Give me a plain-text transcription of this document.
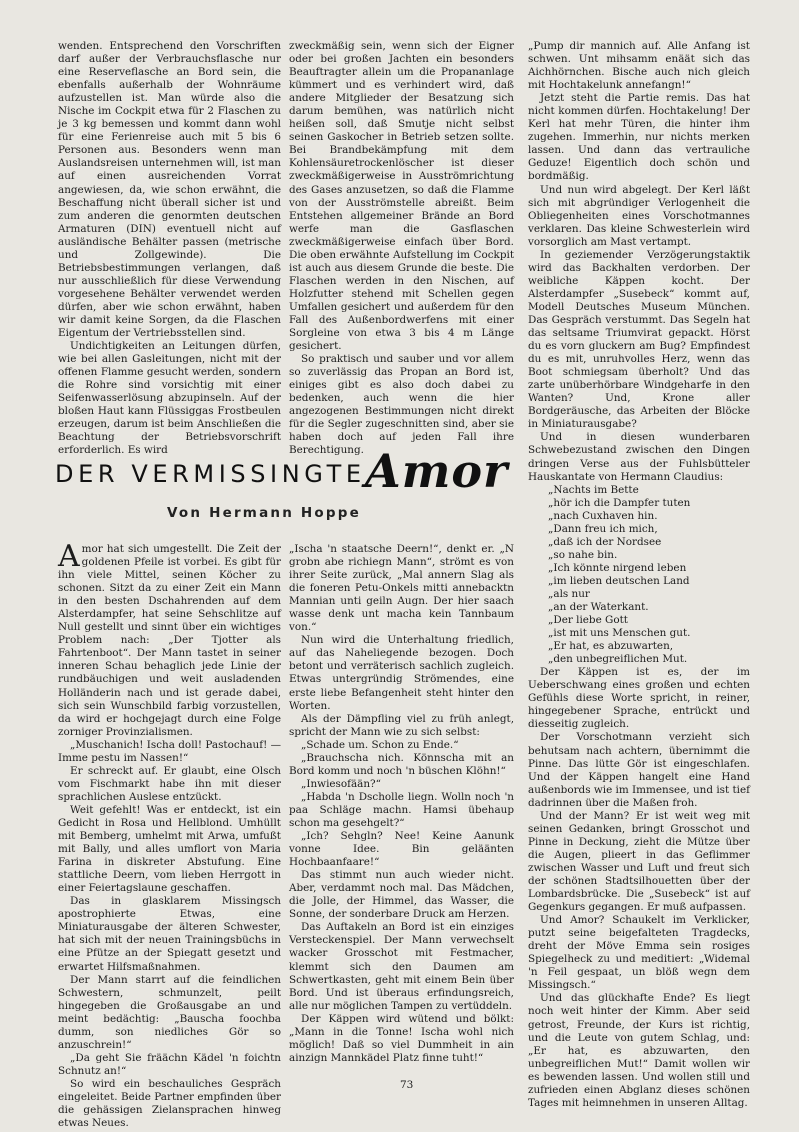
wenden. Entsprechend den Vorschriften darf außer der Verbrauchsflasche nur eine Reserveflasche an Bord sein, die ebenfalls außerhalb der Wohnräume aufzustellen ist. Man würde also die Nische im Cockpit etwa für 2 Flaschen zu je 3 kg bemessen und kommt dann wohl für eine Ferienreise auch mit 5 bis 6 Personen aus. Besonders wenn man Auslandsreisen unternehmen will, ist man auf einen ausreichenden Vorrat angewiesen, da, wie schon erwähnt, die Beschaffung nicht überall sicher ist und zum anderen die genormten deutschen Armaturen (DIN) eventuell nicht auf ausländische Behälter passen (metrische und Zollgewinde). Die Betriebsbestimmungen verlangen, daß nur ausschließlich für diese Verwendung vorgesehene Behälter verwendet werden dürfen, aber wie schon erwähnt, haben wir damit keine Sorgen, da die Flaschen Eigentum der Vertriebsstellen sind.

Undichtigkeiten an Leitungen dürfen, wie bei allen Gasleitungen, nicht mit der offenen Flamme gesucht werden, sondern die Rohre sind vorsichtig mit einer Seifenwasserlösung abzupinseln. Auf der bloßen Haut kann Flüssiggas Frostbeulen erzeugen, darum ist beim Anschließen die Beachtung der Betriebsvorschrift erforderlich. Es wird

zweckmäßig sein, wenn sich der Eigner oder bei großen Jachten ein besonders Beauftragter allein um die Propananlage kümmert und es verhindert wird, daß andere Mitglieder der Besatzung sich darum bemühen, was natürlich nicht heißen soll, daß Smutje nicht selbst seinen Gaskocher in Betrieb setzen sollte. Bei Brandbekämpfung mit dem Kohlensäuretrockenlöscher ist dieser zweckmäßigerweise in Ausströmrichtung des Gases anzusetzen, so daß die Flamme von der Ausströmstelle abreißt. Beim Entstehen allgemeiner Brände an Bord werfe man die Gasflaschen zweckmäßigerweise einfach über Bord. Die oben erwähnte Aufstellung im Cockpit ist auch aus diesem Grunde die beste. Die Flaschen werden in den Nischen, auf Holzfutter stehend mit Schellen gegen Umfallen gesichert und außerdem für den Fall des Außenbordwerfens mit einer Sorgleine von etwa 3 bis 4 m Länge gesichert.

So praktisch und sauber und vor allem so zuverlässig das Propan an Bord ist, einiges gibt es also doch dabei zu bedenken, auch wenn die hier angezogenen Bestimmungen nicht direkt für die Segler zugeschnitten sind, aber sie haben doch auf jeden Fall ihre Berechtigung.

„Pump dir mannich auf. Alle Anfang ist schwen. Unt mihsamm enäät sich das Aichhörnchen. Bische auch nich gleich mit Hochtakelunk annefangn!“

Jetzt steht die Partie remis. Das hat nicht kommen dürfen. Hochtakelung! Der Kerl hat mehr Türen, die hinter ihm zugehen. Immerhin, nur nichts merken lassen. Und dann das vertrauliche Geduze! Eigentlich doch schön und bordmäßig.

Und nun wird abgelegt. Der Kerl läßt sich mit abgründiger Verlogenheit die Obliegenheiten eines Vorschotmannes verklaren. Das kleine Schwesterlein wird vorsorglich am Mast vertampt.

In geziemender Verzögerungstaktik wird das Backhalten verdorben. Der weibliche Käppen kocht. Der Alsterdampfer „Susebeck“ kommt auf, Modell Deutsches Museum München. Das Gespräch verstummt. Das Segeln hat das seltsame Triumvirat gepackt. Hörst du es vorn gluckern am Bug? Empfindest du es mit, unruhvolles Herz, wenn das Boot schmiegsam überholt? Und das zarte unüberhörbare Windgeharfe in den Wanten? Und, Krone aller Bordgeräusche, das Arbeiten der Blöcke in Miniaturausgabe?

Und in diesen wunderbaren Schwebezustand zwischen den Dingen dringen Verse aus der Fuhlsbütteler Hauskantate von Hermann Claudius:

„Nachts im Bette

„hör ich die Dampfer tuten

„nach Cuxhaven hin.

„Dann freu ich mich,

„daß ich der Nordsee

„so nahe bin.

„Ich könnte nirgend leben

„im lieben deutschen Land

„als nur

„an der Waterkant.

„Der liebe Gott

„ist mit uns Menschen gut.

„Er hat, es abzuwarten,

„den unbegreiflichen Mut.

Der Käppen ist es, der im Ueberschwang eines großen und echten Gefühls diese Worte spricht, in reiner, hingegebener Sprache, entrückt und diesseitig zugleich.

Der Vorschotmann verzieht sich behutsam nach achtern, übernimmt die Pinne. Das lütte Gör ist eingeschlafen. Und der Käppen hangelt eine Hand außenbords wie im Immensee, und ist tief dadrinnen über die Maßen froh.

Und der Mann? Er ist weit weg mit seinen Gedanken, bringt Grosschot und Pinne in Deckung, zieht die Mütze über die Augen, plieert in das Geflimmer zwischen Wasser und Luft und freut sich der schönen Stadtsilhouetten über der Lombardsbrücke. Die „Susebeck“ ist auf Gegenkurs gegangen. Er muß aufpassen.

Und Amor? Schaukelt im Verklicker, putzt seine beigefalteten Tragdecks, dreht der Möve Emma sein rosiges Spiegelheck zu und meditiert: „Widemal 'n Feil gespaat, un blöß wegn dem Missingsch.“

Und das glückhafte Ende? Es liegt noch weit hinter der Kimm. Aber seid getrost, Freunde, der Kurs ist richtig, und die Leute von gutem Schlag, und: „Er hat, es abzuwarten, den unbegreiflichen Mut!“ Damit wollen wir es bewenden lassen. Und wollen still und zufrieden einen Abglanz dieses schönen Tages mit heimnehmen in unseren Alltag.

DER VERMISSINGTE Amor
Von Hermann Hoppe

Amor hat sich umgestellt. Die Zeit der goldenen Pfeile ist vorbei. Es gibt für ihn viele Mittel, seinen Köcher zu schonen. Sitzt da zu einer Zeit ein Mann in den besten Dschahrenden auf dem Alsterdampfer, hat seine Sehschlitze auf Null gestellt und sinnt über ein wichtiges Problem nach: „Der Tjotter als Fahrtenboot“. Der Mann tastet in seiner inneren Schau behaglich jede Linie der rundbäuchigen und weit ausladenden Holländerin nach und ist gerade dabei, sich sein Wunschbild farbig vorzustellen, da wird er hochgejagt durch eine Folge zorniger Provinzialismen.

„Muschanich! Ischa doll! Pastochauf! — Imme pestu im Nassen!“

Er schreckt auf. Er glaubt, eine Olsch vom Fischmarkt habe ihn mit dieser sprachlichen Auslese entzückt.

Weit gefehlt! Was er entdeckt, ist ein Gedicht in Rosa und Hellblond. Umhüllt mit Bemberg, umhelmt mit Arwa, umfußt mit Bally, und alles umflort von Maria Farina in diskreter Abstufung. Eine stattliche Deern, vom lieben Herrgott in einer Feiertagslaune geschaffen.

Das in glasklarem Missingsch apostrophierte Etwas, eine Miniaturausgabe der älteren Schwester, hat sich mit der neuen Trainingsbüchs in eine Pfütze an der Spiegatt gesetzt und erwartet Hilfsmaßnahmen.

Der Mann starrt auf die feindlichen Schwestern, schmunzelt, peilt hingegeben die Großausgabe an und meint bedächtig: „Bauscha foochba dumm, son niedliches Gör so anzuschrein!“

„Da geht Sie fräächn Kädel 'n foichtn Schnutz an!“

So wird ein beschauliches Gespräch eingeleitet. Beide Partner empfinden über die gehässigen Zielansprachen hinweg etwas Neues.

„Ischa 'n staatsche Deern!“, denkt er. „N grobn abe richiegn Mann“, strömt es von ihrer Seite zurück, „Mal annern Slag als die foneren Petu-Onkels mitti annebacktn Mannian unti geiln Augn. Der hier saach wasse denk unt macha kein Tannbaum von.“

Nun wird die Unterhaltung friedlich, auf das Naheliegende bezogen. Doch betont und verräterisch sachlich zugleich. Etwas untergründig Strömendes, eine erste liebe Befangenheit steht hinter den Worten.

Als der Dämpfling viel zu früh anlegt, spricht der Mann wie zu sich selbst:

„Schade um. Schon zu Ende.“

„Brauchscha nich. Könnscha mit an Bord komm und noch 'n büschen Klöhn!“

„Inwiesofään?“

„Habda 'n Dscholle liegn. Wolln noch 'n paa Schläge machn. Hamsi übehaup schon ma gesehgelt?“

„Ich? Sehgln? Nee! Keine Aanunk vonne Idee. Bin geläänten Hochbaanfaare!“

Das stimmt nun auch wieder nicht. Aber, verdammt noch mal. Das Mädchen, die Jolle, der Himmel, das Wasser, die Sonne, der sonderbare Druck am Herzen.

Das Auftakeln an Bord ist ein einziges Versteckenspiel. Der Mann verwechselt wacker Grosschot mit Festmacher, klemmt sich den Daumen am Schwertkasten, geht mit einem Bein über Bord. Und ist überaus erfindungsreich, alle nur möglichen Tampen zu vertüddeln.

Der Käppen wird wütend und bölkt: „Mann in die Tonne! Ischa wohl nich möglich! Daß so viel Dummheit in ain ainzign Mannkädel Platz finne tuht!“

73
